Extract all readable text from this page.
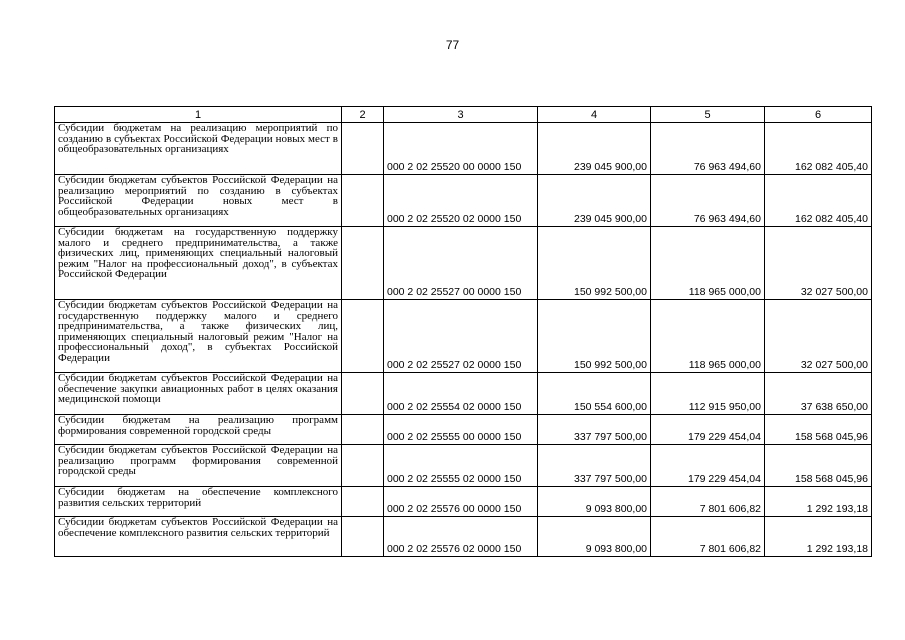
77
1	2	3	4	5	6
Субсидии бюджетам на реализацию мероприятий по созданию в субъектах Российской Федерации новых мест в общеобразовательных организациях		000 2 02 25520 00 0000 150	239 045 900,00	76 963 494,60	162 082 405,40
Субсидии бюджетам субъектов Российской Федерации на реализацию мероприятий по созданию в субъектах Российской Федерации новых мест в общеобразовательных организациях		000 2 02 25520 02 0000 150	239 045 900,00	76 963 494,60	162 082 405,40
Субсидии бюджетам на государственную поддержку малого и среднего предпринимательства, а также физических лиц, применяющих специальный налоговый режим "Налог на профессиональный доход", в субъектах Российской Федерации		000 2 02 25527 00 0000 150	150 992 500,00	118 965 000,00	32 027 500,00
Субсидии бюджетам субъектов Российской Федерации на государственную поддержку малого и среднего предпринимательства, а также физических лиц, применяющих специальный налоговый режим "Налог на профессиональный доход", в субъектах Российской Федерации		000 2 02 25527 02 0000 150	150 992 500,00	118 965 000,00	32 027 500,00
Субсидии бюджетам субъектов Российской Федерации на обеспечение закупки авиационных работ в целях оказания медицинской помощи		000 2 02 25554 02 0000 150	150 554 600,00	112 915 950,00	37 638 650,00
Субсидии бюджетам на реализацию программ формирования современной городской среды		000 2 02 25555 00 0000 150	337 797 500,00	179 229 454,04	158 568 045,96
Субсидии бюджетам субъектов Российской Федерации на реализацию программ формирования современной городской среды		000 2 02 25555 02 0000 150	337 797 500,00	179 229 454,04	158 568 045,96
Субсидии бюджетам на обеспечение комплексного развития сельских территорий		000 2 02 25576 00 0000 150	9 093 800,00	7 801 606,82	1 292 193,18
Субсидии бюджетам субъектов Российской Федерации на обеспечение комплексного развития сельских территорий		000 2 02 25576 02 0000 150	9 093 800,00	7 801 606,82	1 292 193,18
